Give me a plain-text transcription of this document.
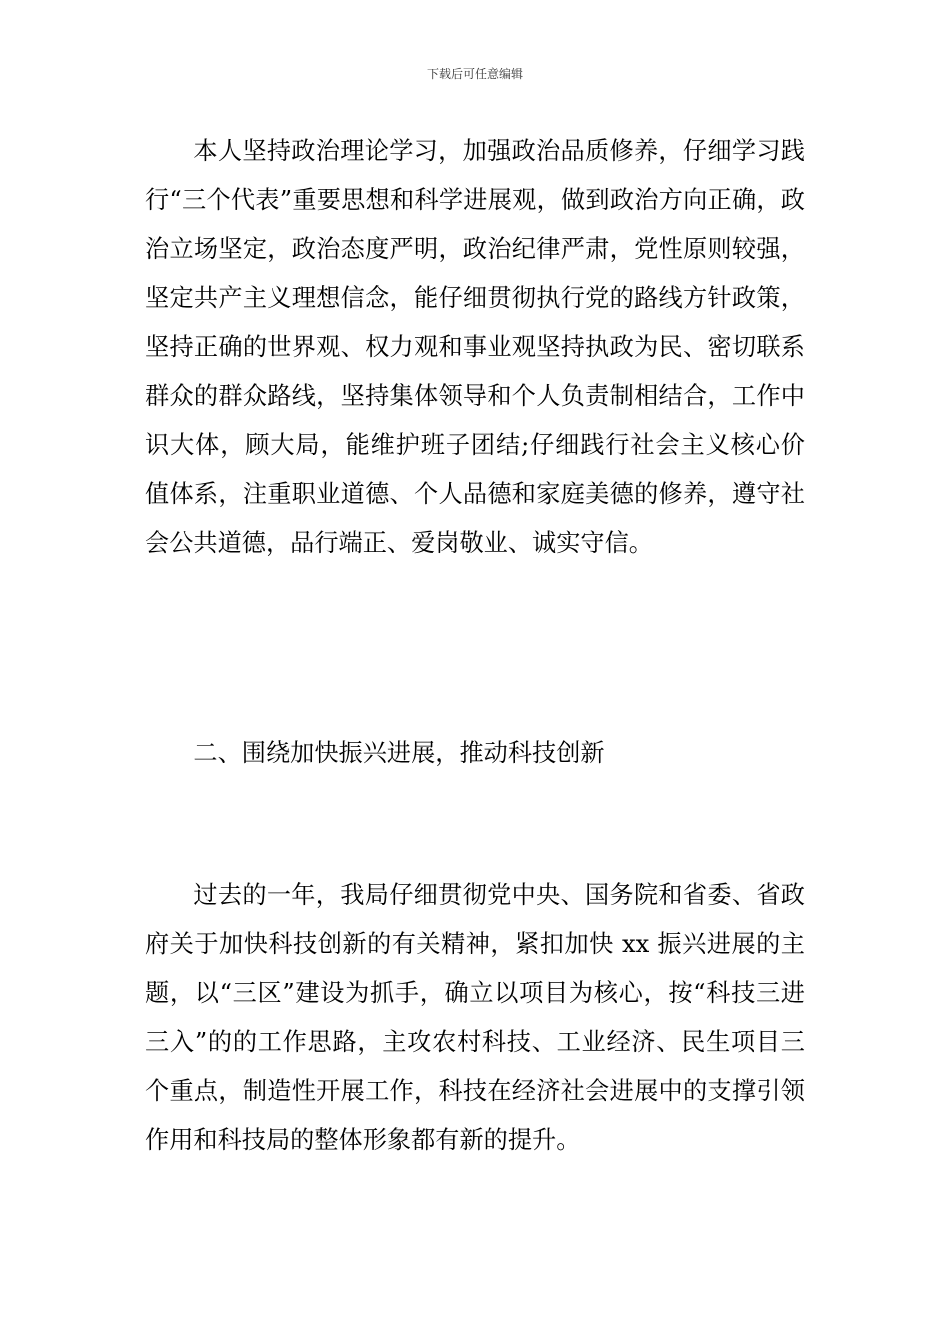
下载后可任意编辑

本人坚持政治理论学习，加强政治品质修养，仔细学习践行“三个代表”重要思想和科学进展观，做到政治方向正确，政治立场坚定，政治态度严明，政治纪律严肃，党性原则较强，坚定共产主义理想信念，能仔细贯彻执行党的路线方针政策，坚持正确的世界观、权力观和事业观坚持执政为民、密切联系群众的群众路线，坚持集体领导和个人负责制相结合，工作中识大体，顾大局，能维护班子团结;仔细践行社会主义核心价值体系，注重职业道德、个人品德和家庭美德的修养，遵守社会公共道德，品行端正、爱岗敬业、诚实守信。

二、围绕加快振兴进展，推动科技创新

过去的一年，我局仔细贯彻党中央、国务院和省委、省政府关于加快科技创新的有关精神，紧扣加快 xx 振兴进展的主题，以“三区”建设为抓手，确立以项目为核心，按“科技三进三入”的的工作思路，主攻农村科技、工业经济、民生项目三个重点，制造性开展工作，科技在经济社会进展中的支撑引领作用和科技局的整体形象都有新的提升。
